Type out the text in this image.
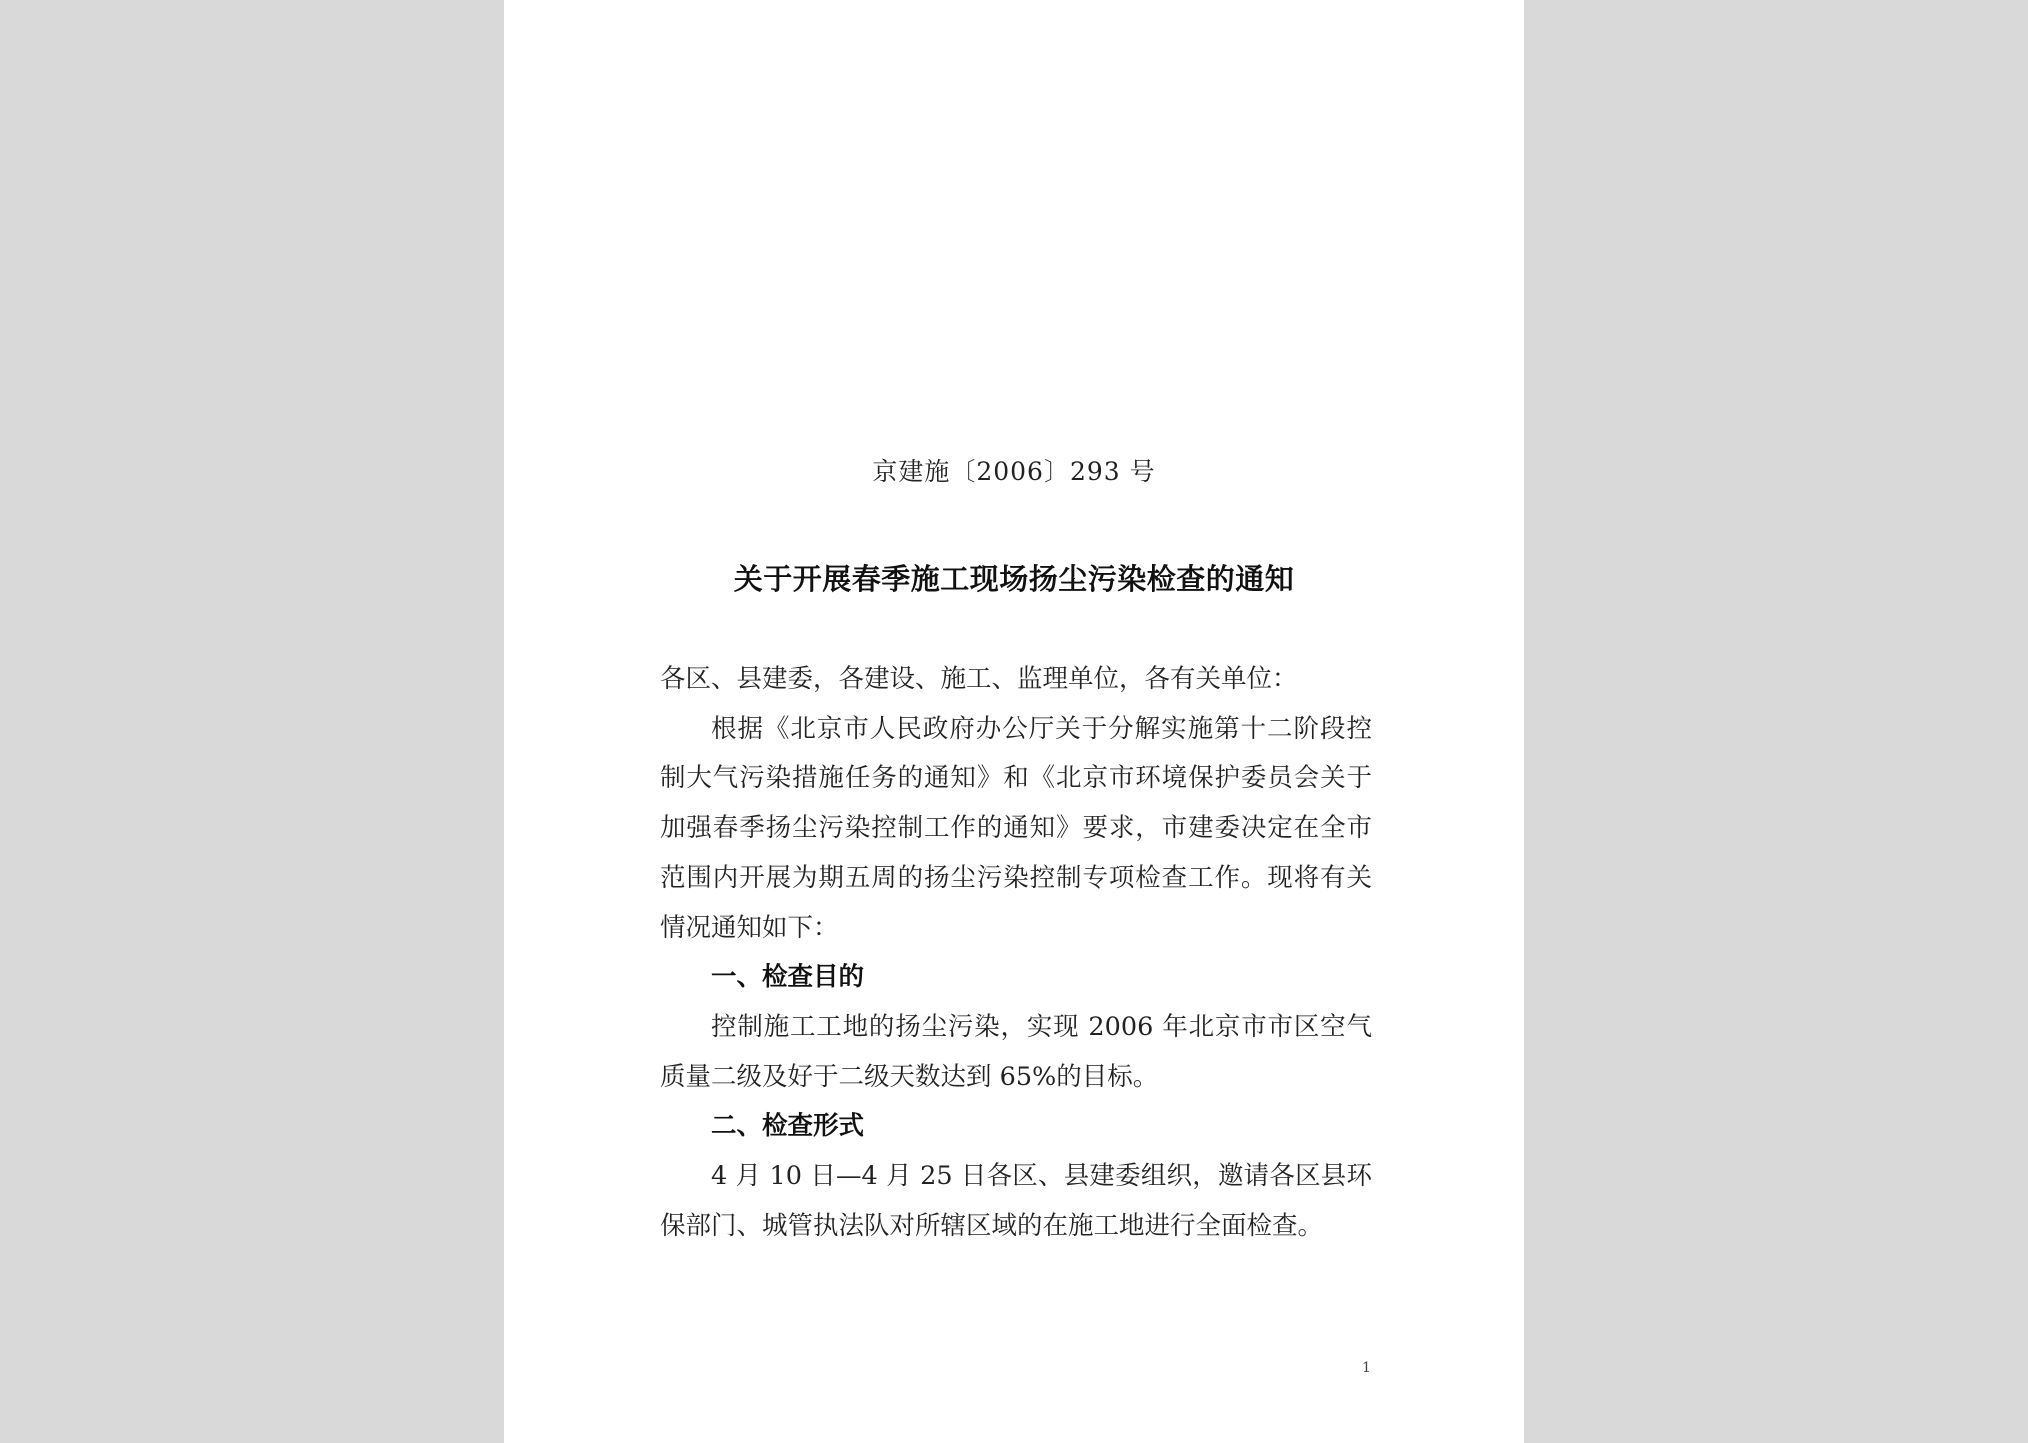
京建施〔2006〕293 号
关于开展春季施工现场扬尘污染检查的通知

各区、县建委，各建设、施工、监理单位，各有关单位：

根据《北京市人民政府办公厅关于分解实施第十二阶段控制大气污染措施任务的通知》和《北京市环境保护委员会关于加强春季扬尘污染控制工作的通知》要求，市建委决定在全市范围内开展为期五周的扬尘污染控制专项检查工作。现将有关情况通知如下：

一、检查目的

控制施工工地的扬尘污染，实现 2006 年北京市市区空气质量二级及好于二级天数达到 65%的目标。

二、检查形式

4 月 10 日—4 月 25 日各区、县建委组织，邀请各区县环保部门、城管执法队对所辖区域的在施工地进行全面检查。

1
